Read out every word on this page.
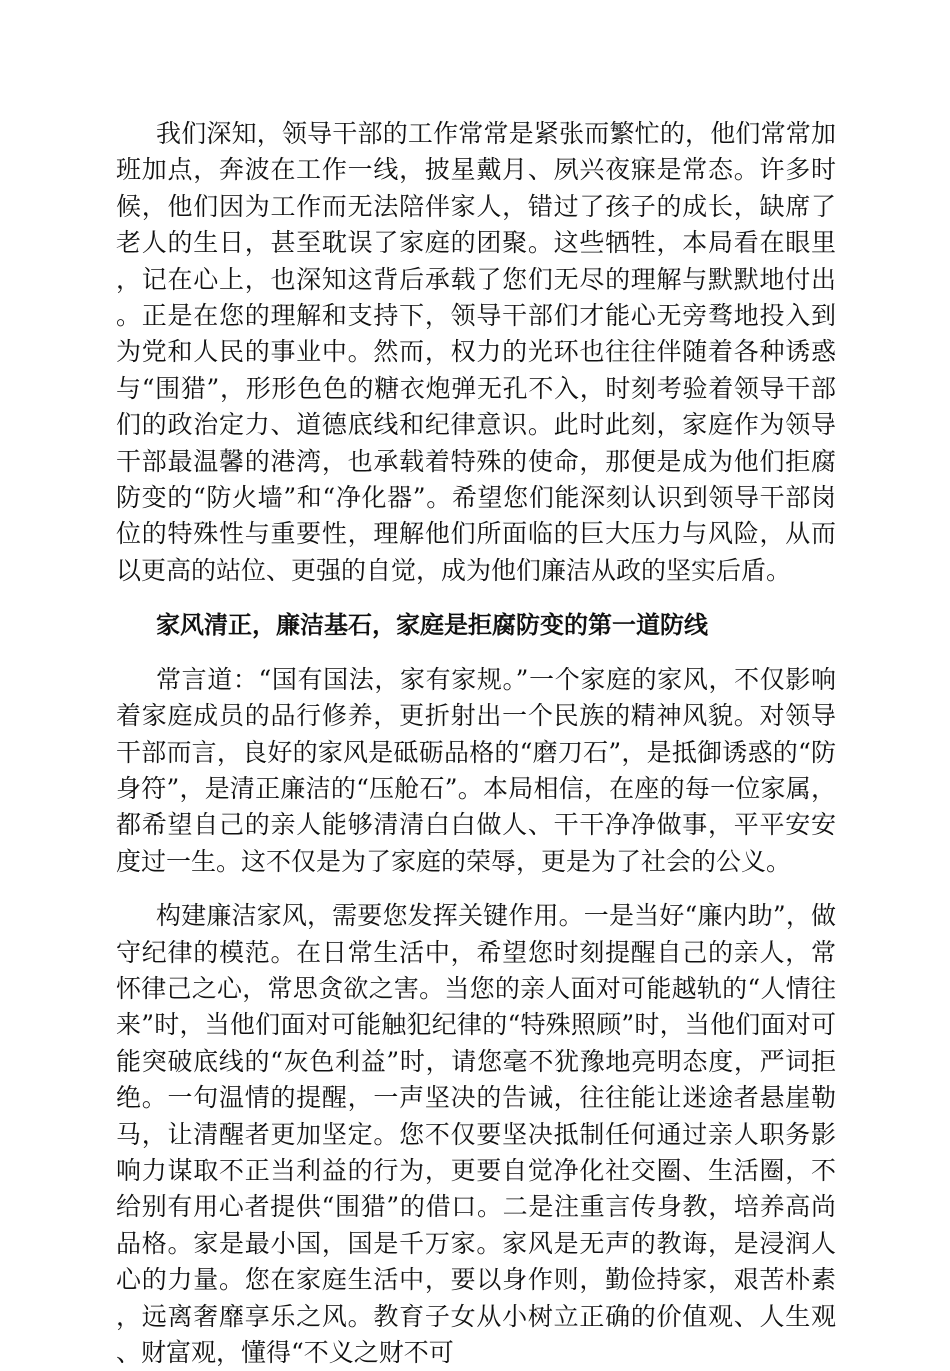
我们深知，领导干部的工作常常是紧张而繁忙的，他们常常加班加点，奔波在工作一线，披星戴月、夙兴夜寐是常态。许多时候，他们因为工作而无法陪伴家人，错过了孩子的成长，缺席了老人的生日，甚至耽误了家庭的团聚。这些牺牲，本局看在眼里，记在心上，也深知这背后承载了您们无尽的理解与默默地付出。正是在您的理解和支持下，领导干部们才能心无旁骛地投入到为党和人民的事业中。然而，权力的光环也往往伴随着各种诱惑与“围猎”，形形色色的糖衣炮弹无孔不入，时刻考验着领导干部们的政治定力、道德底线和纪律意识。此时此刻，家庭作为领导干部最温馨的港湾，也承载着特殊的使命，那便是成为他们拒腐防变的“防火墙”和“净化器”。希望您们能深刻认识到领导干部岗位的特殊性与重要性，理解他们所面临的巨大压力与风险，从而以更高的站位、更强的自觉，成为他们廉洁从政的坚实后盾。

家风清正，廉洁基石，家庭是拒腐防变的第一道防线

常言道：“国有国法，家有家规。”一个家庭的家风，不仅影响着家庭成员的品行修养，更折射出一个民族的精神风貌。对领导干部而言，良好的家风是砥砺品格的“磨刀石”，是抵御诱惑的“防身符”，是清正廉洁的“压舱石”。本局相信，在座的每一位家属，都希望自己的亲人能够清清白白做人、干干净净做事，平平安安度过一生。这不仅是为了家庭的荣辱，更是为了社会的公义。

构建廉洁家风，需要您发挥关键作用。一是当好“廉内助”，做守纪律的模范。在日常生活中，希望您时刻提醒自己的亲人，常怀律己之心，常思贪欲之害。当您的亲人面对可能越轨的“人情往来”时，当他们面对可能触犯纪律的“特殊照顾”时，当他们面对可能突破底线的“灰色利益”时，请您毫不犹豫地亮明态度，严词拒绝。一句温情的提醒，一声坚决的告诫，往往能让迷途者悬崖勒马，让清醒者更加坚定。您不仅要坚决抵制任何通过亲人职务影响力谋取不正当利益的行为，更要自觉净化社交圈、生活圈，不给别有用心者提供“围猎”的借口。二是注重言传身教，培养高尚品格。家是最小国，国是千万家。家风是无声的教诲，是浸润人心的力量。您在家庭生活中，要以身作则，勤俭持家，艰苦朴素，远离奢靡享乐之风。教育子女从小树立正确的价值观、人生观、财富观，懂得“不义之财不可
